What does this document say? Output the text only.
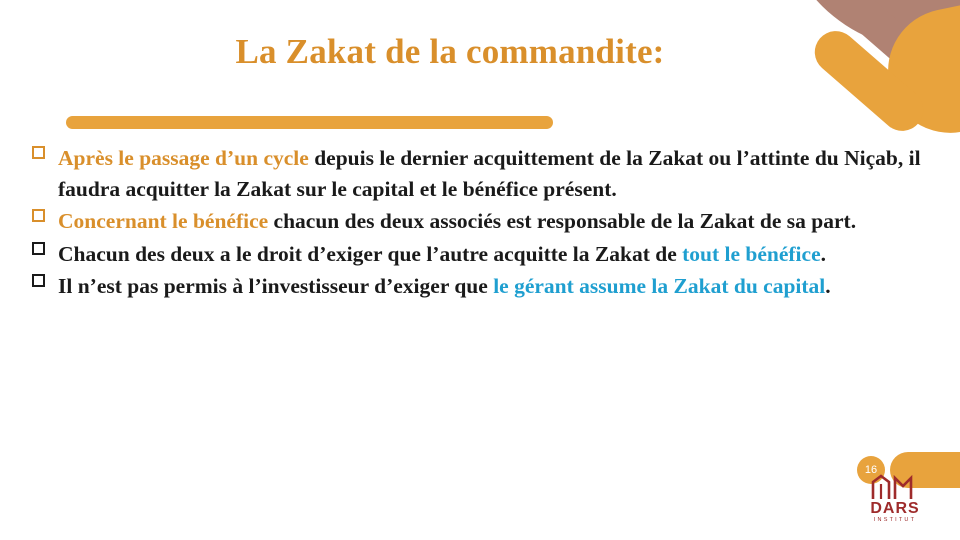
La Zakat de la commandite:
Après le passage d’un cycle depuis le dernier acquittement de la Zakat ou l’attinte du Niçab, il faudra acquitter la Zakat sur le capital et le bénéfice présent.
Concernant le bénéfice chacun des deux associés est responsable de la Zakat de sa part.
Chacun des deux a le droit d’exiger que l’autre acquitte la Zakat de tout le bénéfice.
Il n’est pas permis à l’investisseur d’exiger que le gérant assume la Zakat du capital.
16
DARS
INSTITUT
